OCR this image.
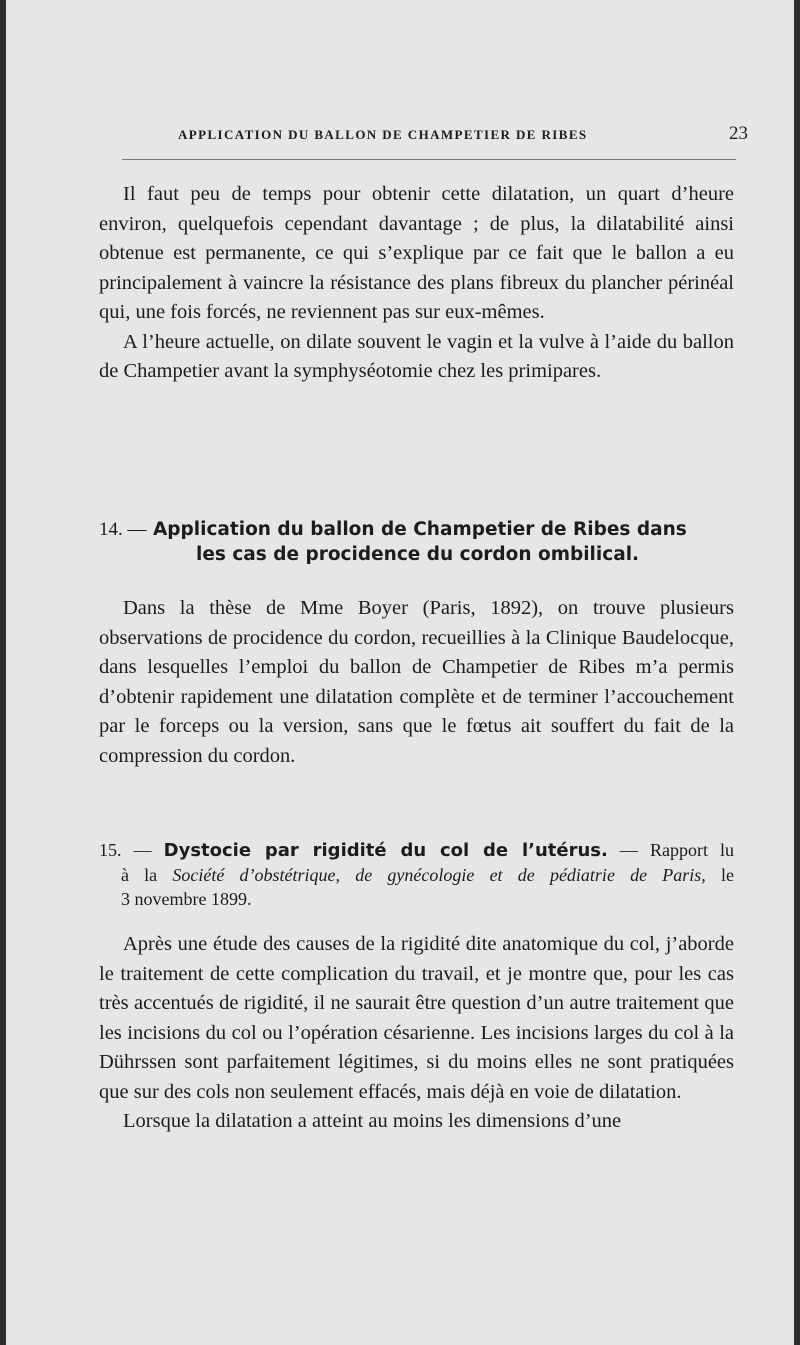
APPLICATION DU BALLON DE CHAMPETIER DE RIBES	23

Il faut peu de temps pour obtenir cette dilatation, un quart d’heure environ, quelquefois cependant davantage ; de plus, la dilatabilité ainsi obtenue est permanente, ce qui s’explique par ce fait que le ballon a eu principalement à vaincre la résistance des plans fibreux du plancher périnéal qui, une fois forcés, ne reviennent pas sur eux-mêmes.

A l’heure actuelle, on dilate souvent le vagin et la vulve à l’aide du ballon de Champetier avant la symphyséotomie chez les primipares.

14. — Application du ballon de Champetier de Ribes dans
les cas de procidence du cordon ombilical.

Dans la thèse de Mme Boyer (Paris, 1892), on trouve plusieurs observations de procidence du cordon, recueillies à la Clinique Baudelocque, dans lesquelles l’emploi du ballon de Champetier de Ribes m’a permis d’obtenir rapidement une dilatation complète et de terminer l’accouchement par le forceps ou la version, sans que le fœtus ait souffert du fait de la compression du cordon.

15. — Dystocie par rigidité du col de l’utérus. — Rapport lu
à la Société d’obstétrique, de gynécologie et de pédiatrie de Paris, le
3 novembre 1899.

Après une étude des causes de la rigidité dite anatomique du col, j’aborde le traitement de cette complication du travail, et je montre que, pour les cas très accentués de rigidité, il ne saurait être question d’un autre traitement que les incisions du col ou l’opération césarienne. Les incisions larges du col à la Dührssen sont parfaitement légitimes, si du moins elles ne sont pratiquées que sur des cols non seulement effacés, mais déjà en voie de dilatation.

Lorsque la dilatation a atteint au moins les dimensions d’une
